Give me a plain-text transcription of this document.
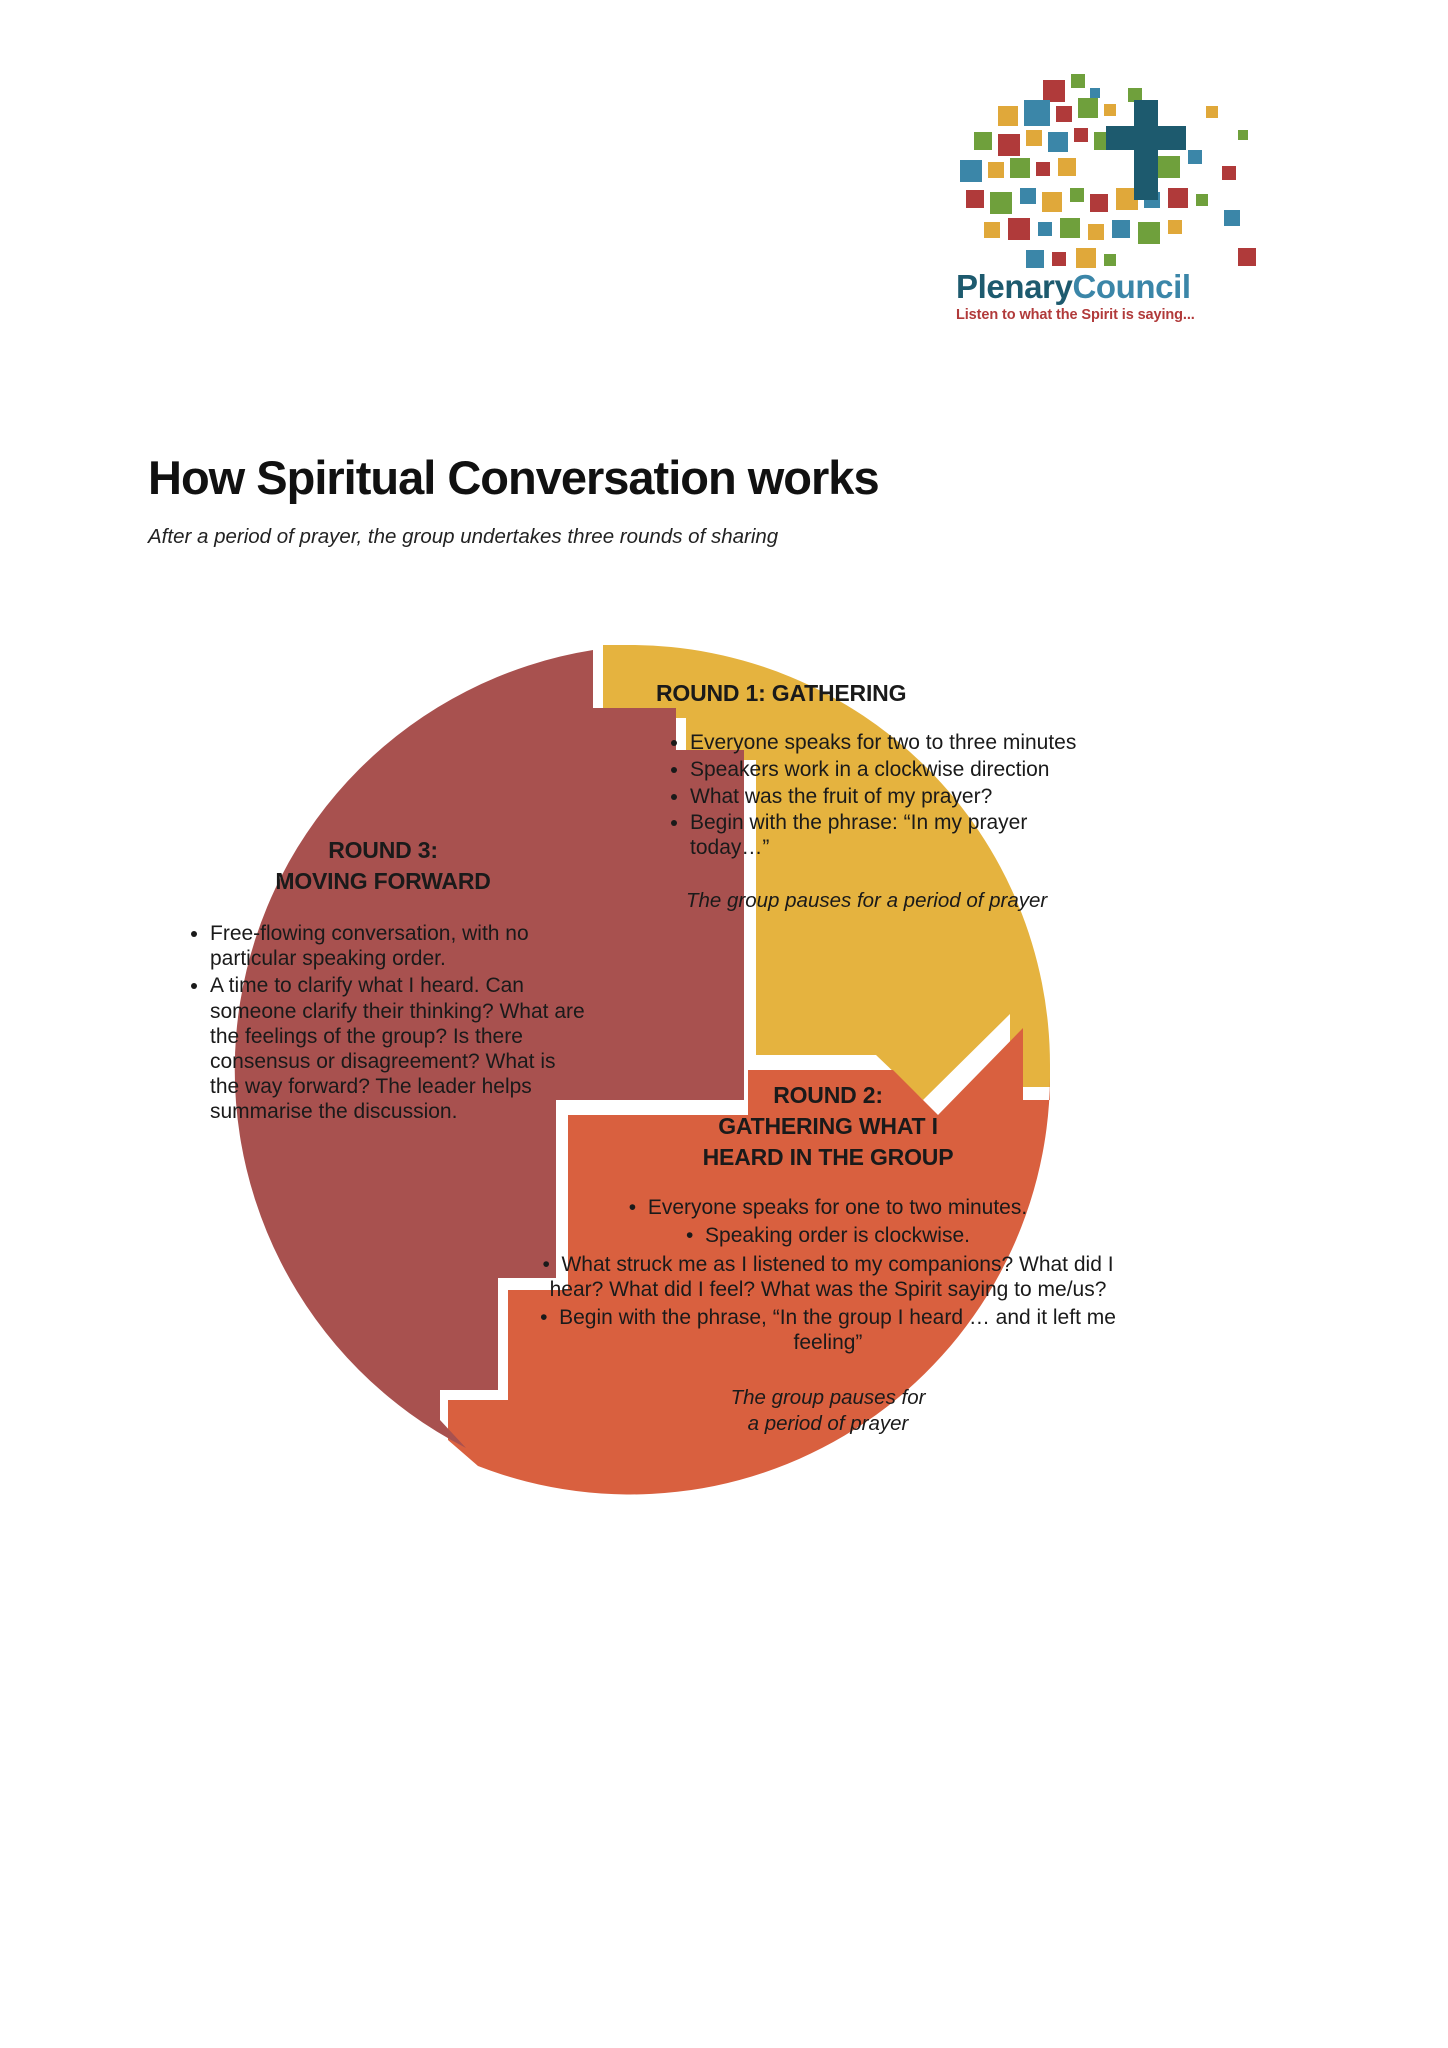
PlenaryCouncil
Listen to what the Spirit is saying...
How Spiritual Conversation works
After a period of prayer, the group undertakes three rounds of sharing
ROUND 1: GATHERING
• Everyone speaks for two to three minutes
• Speakers work in a clockwise direction
• What was the fruit of my prayer?
• Begin with the phrase: “In my prayer today…”
The group pauses for a period of prayer
ROUND 2:
GATHERING WHAT I
HEARD IN THE GROUP
•  Everyone speaks for one to two minutes.
•  Speaking order is clockwise.
•  What struck me as I listened to my companions? What did I hear? What did I feel? What was the Spirit saying to me/us?
•  Begin with the phrase, “In the group I heard … and it left me feeling”
The group pauses for
a period of prayer
ROUND 3:
MOVING FORWARD
• Free-flowing conversation, with no particular speaking order.
• A time to clarify what I heard. Can someone clarify their thinking? What are the feelings of the group? Is there consensus or disagreement? What is the way forward? The leader helps summarise the discussion.
